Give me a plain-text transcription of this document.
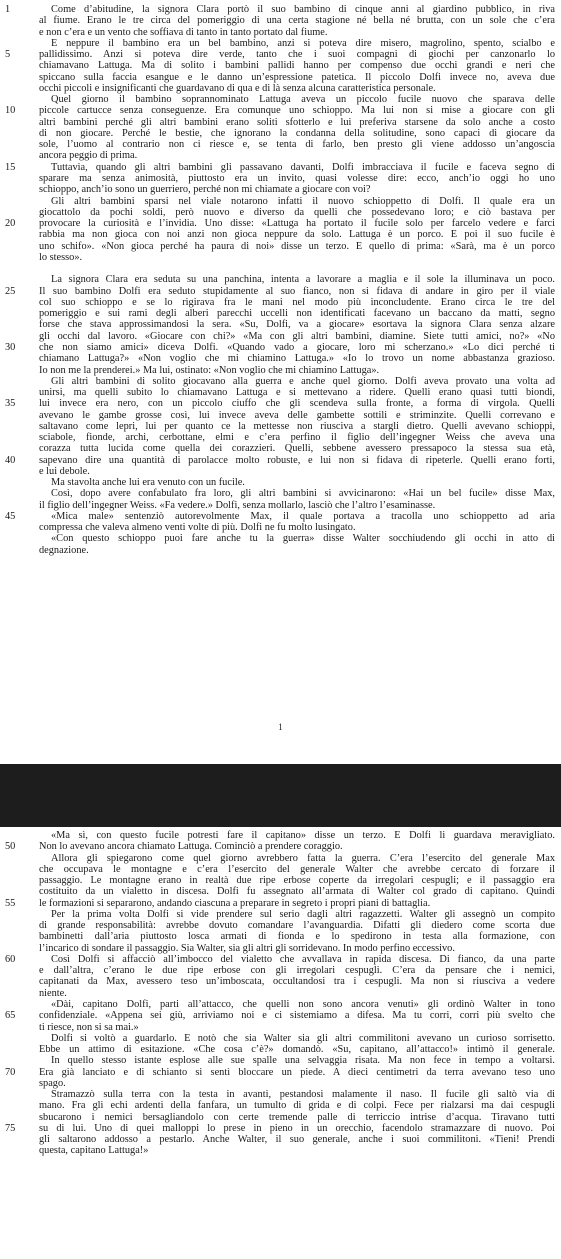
1	Come d’abitudine, la signora Clara portò il suo bambino di cinque anni al giardino pubblico, in riva
al fiume. Erano le tre circa del pomeriggio di una certa stagione né bella né brutta, con un sole che c’era
e non c’era e un vento che soffiava di tanto in tanto portato dal fiume.
E neppure il bambino era un bel bambino, anzi si poteva dire misero, magrolino, spento, scialbo e
5	pallidissimo. Anzi si poteva dire verde, tanto che i suoi compagni di giochi per canzonarlo lo
chiamavano Lattuga. Ma di solito i bambini pallidi hanno per compenso due occhi grandi e neri che
spiccano sulla faccia esangue e le danno un’espressione patetica. Il piccolo Dolfi invece no, aveva due
occhi piccoli e insignificanti che guardavano di qua e di là senza alcuna caratteristica personale.
Quel giorno il bambino soprannominato Lattuga aveva un piccolo fucile nuovo che sparava delle
10 piccole cartucce senza conseguenze. Era comunque uno schioppo. Ma lui non si mise a giocare con gli
altri bambini perché gli altri bambini erano soliti sfotterlo e lui preferiva starsene da solo anche a costo
di non giocare. Perché le bestie, che ignorano la condanna della solitudine, sono capaci di giocare da
sole, l’uomo al contrario non ci riesce e, se tenta di farlo, ben presto gli viene addosso un’angoscia
ancora peggio di prima.
15	Tuttavia, quando gli altri bambini gli passavano davanti, Dolfi imbracciava il fucile e faceva segno di
sparare ma senza animosità, piuttosto era un invito, quasi volesse dire: ecco, anch’io oggi ho uno
schioppo, anch’io sono un guerriero, perché non mi chiamate a giocare con voi?
Gli altri bambini sparsi nel viale notarono infatti il nuovo schioppetto di Dolfi. Il quale era un
giocattolo da pochi soldi, però nuovo e diverso da quelli che possedevano loro; e ciò bastava per
20 provocare la curiosità e l’invidia. Uno disse: «Lattuga ha portato il fucile solo per farcelo vedere e farci
rabbia ma non gioca con noi anzi non gioca neppure da solo. Lattuga è un porco. E poi il suo fucile è
uno schifo». «Non gioca perché ha paura di noi» disse un terzo. E quello di prima: «Sarà, ma è un porco
lo stesso».
La signora Clara era seduta su una panchina, intenta a lavorare a maglia e il sole la illuminava un poco.
25 Il suo bambino Dolfi era seduto stupidamente al suo fianco, non si fidava di andare in giro per il viale
col suo schioppo e se lo rigirava fra le mani nel modo più inconcludente. Erano circa le tre del
pomeriggio e sui rami degli alberi parecchi uccelli non identificati facevano un baccano da matti, segno
forse che stava approssimandosi la sera. «Su, Dolfi, va a giocare» esortava la signora Clara senza alzare
gli occhi dal lavoro. «Giocare con chi?» «Ma con gli altri bambini, diamine. Siete tutti amici, no?» «No
30 che non siamo amici» diceva Dolfi. «Quando vado a giocare, loro mi scherzano.» «Lo dici perché ti
chiamano Lattuga?» «Non voglio che mi chiamino Lattuga.» «Io lo trovo un nome abbastanza grazioso.
Io non me la prenderei.» Ma lui, ostinato: «Non voglio che mi chiamino Lattuga».
Gli altri bambini di solito giocavano alla guerra e anche quel giorno. Dolfi aveva provato una volta ad
unirsi, ma quelli subito lo chiamavano Lattuga e si mettevano a ridere. Quelli erano quasi tutti biondi,
35 lui invece era nero, con un piccolo ciuffo che gli scendeva sulla fronte, a forma di virgola. Quelli
avevano le gambe grosse così, lui invece aveva delle gambette sottili e striminzite. Quelli correvano e
saltavano come lepri, lui per quanto ce la mettesse non riusciva a stargli dietro. Quelli avevano schioppi,
sciabole, fionde, archi, cerbottane, elmi e c’era perfino il figlio dell’ingegner Weiss che aveva una
corazza tutta lucida come quella dei corazzieri. Quelli, sebbene avessero pressapoco la stessa sua età,
40 sapevano dire una quantità di parolacce molto robuste, e lui non si fidava di ripeterle. Quelli erano forti,
e lui debole.
Ma stavolta anche lui era venuto con un fucile.
Così, dopo avere confabulato fra loro, gli altri bambini si avvicinarono: «Hai un bel fucile» disse Max,
il figlio dell’ingegner Weiss. «Fa vedere.» Dolfi, senza mollarlo, lasciò che l’altro l’esaminasse.
45	«Mica male» sentenziò autorevolmente Max, il quale portava a tracolla uno schioppetto ad aria
compressa che valeva almeno venti volte di più. Dolfi ne fu molto lusingato.
«Con questo schioppo puoi fare anche tu la guerra» disse Walter socchiudendo gli occhi in atto di
degnazione.
1
«Ma sì, con questo fucile potresti fare il capitano» disse un terzo. E Dolfi li guardava meravigliato.
50 Non lo avevano ancora chiamato Lattuga. Cominciò a prendere coraggio.
Allora gli spiegarono come quel giorno avrebbero fatta la guerra. C’era l’esercito del generale Max
che occupava le montagne e c’era l’esercito del generale Walter che avrebbe cercato di forzare il
passaggio. Le montagne erano in realtà due ripe erbose coperte da irregolari cespugli; e il passaggio era
costituito da un vialetto in discesa. Dolfi fu assegnato all’armata di Walter col grado di capitano. Quindi
55 le formazioni si separarono, andando ciascuna a preparare in segreto i propri piani di battaglia.
Per la prima volta Dolfi si vide prendere sul serio dagli altri ragazzetti. Walter gli assegnò un compito
di grande responsabilità: avrebbe dovuto comandare l’avanguardia. Difatti gli diedero come scorta due
bambinetti dall’aria piuttosto losca armati di fionda e lo spedirono in testa alla formazione, con
l’incarico di sondare il passaggio. Sia Walter, sia gli altri gli sorridevano. In modo perfino eccessivo.
60	Così Dolfi si affacciò all’imbocco del vialetto che avvallava in rapida discesa. Di fianco, da una parte
e dall’altra, c’erano le due ripe erbose con gli irregolari cespugli. C’era da pensare che i nemici,
capitanati da Max, avessero teso un’imboscata, occultandosi tra i cespugli. Ma non si riusciva a vedere
niente.
«Dài, capitano Dolfi, parti all’attacco, che quelli non sono ancora venuti» gli ordinò Walter in tono
65 confidenziale. «Appena sei giù, arriviamo noi e ci sistemiamo a difesa. Ma tu corri, corri più svelto che
ti riesce, non si sa mai.»
Dolfi si voltò a guardarlo. E notò che sia Walter sia gli altri commilitoni avevano un curioso sorrisetto.
Ebbe un attimo di esitazione. «Che cosa c’è?» domandò. «Su, capitano, all’attacco!» intimò il generale.
In quello stesso istante esplose alle sue spalle una selvaggia risata. Ma non fece in tempo a voltarsi.
70 Era già lanciato e di schianto si sentì bloccare un piede. A dieci centimetri da terra avevano teso uno
spago.
Stramazzò sulla terra con la testa in avanti, pestandosi malamente il naso. Il fucile gli saltò via di
mano. Fra gli echi ardenti della fanfara, un tumulto di grida e di colpi. Fece per rialzarsi ma dai cespugli
sbucarono i nemici bersagliandolo con certe tremende palle di terriccio intrise d’acqua. Tiravano tutti
75 su di lui. Uno di quei malloppi lo prese in pieno in un orecchio, facendolo stramazzare di nuovo. Poi
gli saltarono addosso a pestarlo. Anche Walter, il suo generale, anche i suoi commilitoni. «Tieni! Prendi
questa, capitano Lattuga!»
